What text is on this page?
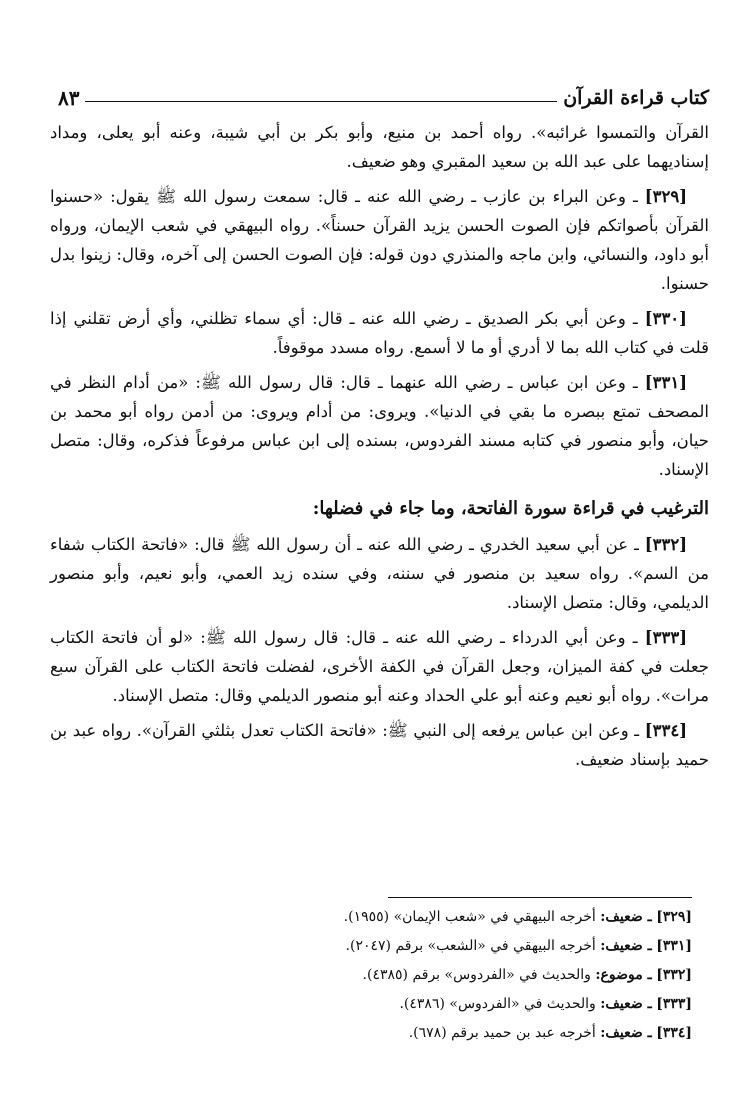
كتاب قراءة القرآن
٨٣

القرآن والتمسوا غرائبه». رواه أحمد بن منيع، وأبو بكر بن أبي شيبة، وعنه أبو يعلى، ومداد إسناديهما على عبد الله بن سعيد المقبري وهو ضعيف.

[٣٢٩] ـ وعن البراء بن عازب ـ رضي الله عنه ـ قال: سمعت رسول الله ﷺ يقول: «حسنوا القرآن بأصواتكم فإن الصوت الحسن يزيد القرآن حسناً». رواه البيهقي في شعب الإيمان، ورواه أبو داود، والنسائي، وابن ماجه والمنذري دون قوله: فإن الصوت الحسن إلى آخره، وقال: زينوا بدل حسنوا.

[٣٣٠] ـ وعن أبي بكر الصديق ـ رضي الله عنه ـ قال: أي سماء تظلني، وأي أرض تقلني إذا قلت في كتاب الله بما لا أدري أو ما لا أسمع. رواه مسدد موقوفاً.

[٣٣١] ـ وعن ابن عباس ـ رضي الله عنهما ـ قال: قال رسول الله ﷺ: «من أدام النظر في المصحف تمتع ببصره ما بقي في الدنيا». ويروى: من أدام ويروى: من أدمن رواه أبو محمد بن حيان، وأبو منصور في كتابه مسند الفردوس، بسنده إلى ابن عباس مرفوعاً فذكره، وقال: متصل الإسناد.

الترغيب في قراءة سورة الفاتحة، وما جاء في فضلها:

[٣٣٢] ـ عن أبي سعيد الخدري ـ رضي الله عنه ـ أن رسول الله ﷺ قال: «فاتحة الكتاب شفاء من السم». رواه سعيد بن منصور في سننه، وفي سنده زيد العمي، وأبو نعيم، وأبو منصور الديلمي، وقال: متصل الإسناد.

[٣٣٣] ـ وعن أبي الدرداء ـ رضي الله عنه ـ قال: قال رسول الله ﷺ: «لو أن فاتحة الكتاب جعلت في كفة الميزان، وجعل القرآن في الكفة الأخرى، لفضلت فاتحة الكتاب على القرآن سبع مرات». رواه أبو نعيم وعنه أبو علي الحداد وعنه أبو منصور الديلمي وقال: متصل الإسناد.

[٣٣٤] ـ وعن ابن عباس يرفعه إلى النبي ﷺ: «فاتحة الكتاب تعدل بثلثي القرآن». رواه عبد بن حميد بإسناد ضعيف.

[٣٢٩] ـ ضعيف: أخرجه البيهقي في «شعب الإيمان» (١٩٥٥).

[٣٣١] ـ ضعيف: أخرجه البيهقي في «الشعب» برقم (٢٠٤٧).

[٣٣٢] ـ موضوع: والحديث في «الفردوس» برقم (٤٣٨٥).

[٣٣٣] ـ ضعيف: والحديث في «الفردوس» (٤٣٨٦).

[٣٣٤] ـ ضعيف: أخرجه عبد بن حميد برقم (٦٧٨).
